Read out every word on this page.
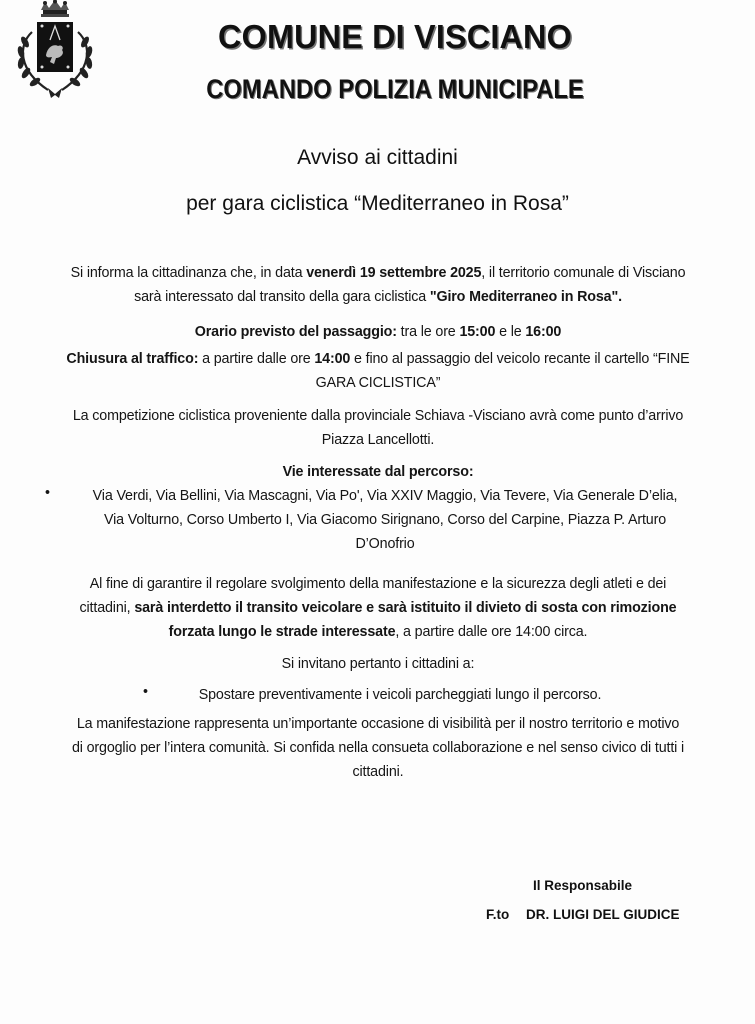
COMUNE DI VISCIANO
COMANDO POLIZIA MUNICIPALE
Avviso ai cittadini
per gara ciclistica “Mediterraneo in Rosa”
Si informa la cittadinanza che, in data venerdì 19 settembre 2025, il territorio comunale di Visciano
sarà interessato dal transito della gara ciclistica "Giro Mediterraneo in Rosa".
Orario previsto del passaggio: tra le ore 15:00 e le 16:00
Chiusura al traffico: a partire dalle ore 14:00 e fino al passaggio del veicolo recante il cartello “FINE
GARA CICLISTICA”
La competizione ciclistica proveniente dalla provinciale Schiava -Visciano avrà come punto d’arrivo
Piazza Lancellotti.
Vie interessate dal percorso:
•	Via Verdi, Via Bellini, Via Mascagni, Via Po', Via XXIV Maggio, Via Tevere, Via Generale D’elia,
Via Volturno, Corso Umberto I, Via Giacomo Sirignano, Corso del Carpine, Piazza P. Arturo
D’Onofrio
Al fine di garantire il regolare svolgimento della manifestazione e la sicurezza degli atleti e dei
cittadini, sarà interdetto il transito veicolare e sarà istituito il divieto di sosta con rimozione
forzata lungo le strade interessate, a partire dalle ore 14:00 circa.
Si invitano pertanto i cittadini a:
•	Spostare preventivamente i veicoli parcheggiati lungo il percorso.
La manifestazione rappresenta un’importante occasione di visibilità per il nostro territorio e motivo
di orgoglio per l’intera comunità. Si confida nella consueta collaborazione e nel senso civico di tutti i
cittadini.
Il Responsabile
F.to DR. LUIGI DEL GIUDICE
